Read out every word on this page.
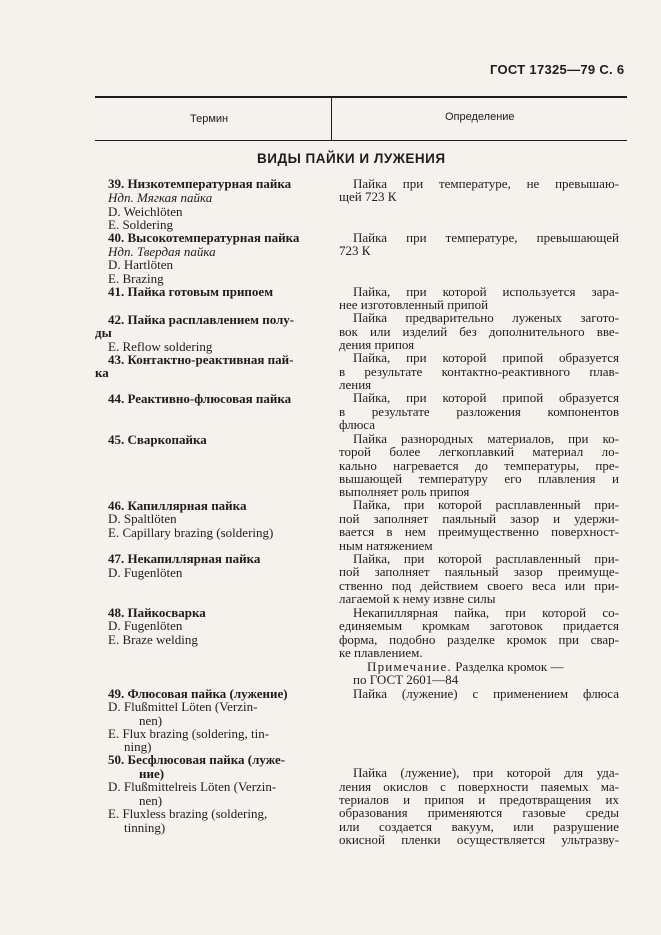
ГОСТ 17325—79 С. 6
Термин	Определение
ВИДЫ ПАЙКИ И ЛУЖЕНИЯ
39. Низкотемпературная пайка
Ндп. Мягкая пайка
D. Weichlöten
E. Soldering
40. Высокотемпературная пайка
Ндп. Твердая пайка
D. Hartlöten
E. Brazing
41. Пайка готовым припоем
42. Пайка расплавлением полу-
ды
E. Reflow soldering
43. Контактно-реактивная пай-
ка
44. Реактивно-флюсовая пайка
45. Сваркопайка
46. Капиллярная пайка
D. Spaltlöten
E. Capillary brazing (soldering)
47. Некапиллярная пайка
D. Fugenlöten
48. Пайкосварка
D. Fugenlöten
E. Braze welding
49. Флюсовая пайка (лужение)
D. Flußmittel Löten (Verzin-
nen)
E. Flux brazing (soldering, tin-
ning)
50. Бесфлюсовая пайка (луже-
ние)
D. Flußmittelreis Löten (Verzin-
nen)
E. Fluxless brazing (soldering,
tinning)
Пайка при температуре, не превышаю-
щей 723 К
Пайка при температуре, превышающей
723 К
Пайка, при которой используется зара-
нее изготовленный припой
Пайка предварительно луженых загото-
вок или изделий без дополнительного вве-
дения припоя
Пайка, при которой припой образуется
в результате контактно-реактивного плав-
ления
Пайка, при которой припой образуется
в результате разложения компонентов
флюса
Пайка разнородных материалов, при ко-
торой более легкоплавкий материал ло-
кально нагревается до температуры, пре-
вышающей температуру его плавления и
выполняет роль припоя
Пайка, при которой расплавленный при-
пой заполняет паяльный зазор и удержи-
вается в нем преимущественно поверхност-
ным натяжением
Пайка, при которой расплавленный при-
пой заполняет паяльный зазор преимуще-
ственно под действием своего веса или при-
лагаемой к нему извне силы
Некапиллярная пайка, при которой со-
единяемым кромкам заготовок придается
форма, подобно разделке кромок при свар-
ке плавлением.
Примечание. Разделка кромок —
по ГОСТ 2601—84
Пайка (лужение) с применением флюса
Пайка (лужение), при которой для уда-
ления окислов с поверхности паяемых ма-
териалов и припоя и предотвращения их
образования применяются газовые среды
или создается вакуум, или разрушение
окисной пленки осуществляется ультразву-
